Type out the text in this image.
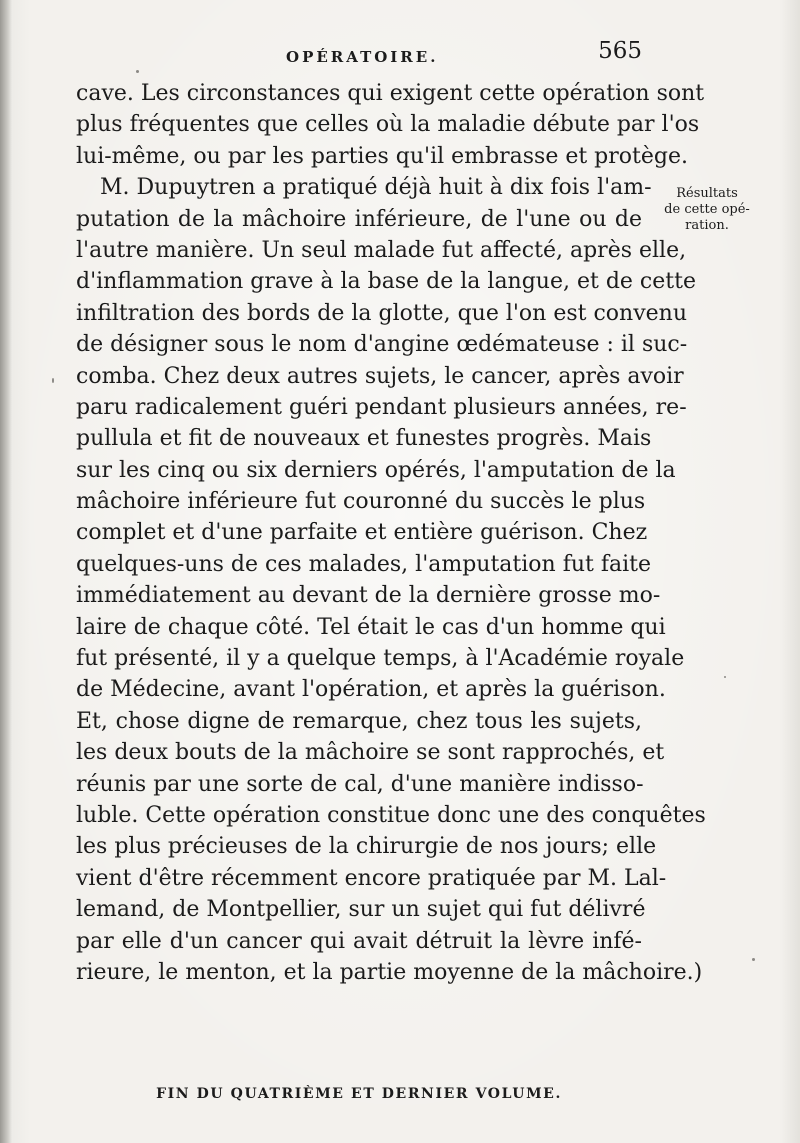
OPÉRATOIRE.	565
cave. Les circonstances qui exigent cette opération sont
plus fréquentes que celles où la maladie débute par l'os
lui-même, ou par les parties qu'il embrasse et protège.
M. Dupuytren a pratiqué déjà huit à dix fois l'am-
putation de la mâchoire inférieure, de l'une ou de
l'autre manière. Un seul malade fut affecté, après elle,
d'inflammation grave à la base de la langue, et de cette
infiltration des bords de la glotte, que l'on est convenu
de désigner sous le nom d'angine œdémateuse : il suc-
comba. Chez deux autres sujets, le cancer, après avoir
paru radicalement guéri pendant plusieurs années, re-
pullula et fit de nouveaux et funestes progrès. Mais
sur les cinq ou six derniers opérés, l'amputation de la
mâchoire inférieure fut couronné du succès le plus
complet et d'une parfaite et entière guérison. Chez
quelques-uns de ces malades, l'amputation fut faite
immédiatement au devant de la dernière grosse mo-
laire de chaque côté. Tel était le cas d'un homme qui
fut présenté, il y a quelque temps, à l'Académie royale
de Médecine, avant l'opération, et après la guérison.
Et, chose digne de remarque, chez tous les sujets,
les deux bouts de la mâchoire se sont rapprochés, et
réunis par une sorte de cal, d'une manière indisso-
luble. Cette opération constitue donc une des conquêtes
les plus précieuses de la chirurgie de nos jours; elle
vient d'être récemment encore pratiquée par M. Lal-
lemand, de Montpellier, sur un sujet qui fut délivré
par elle d'un cancer qui avait détruit la lèvre infé-
rieure, le menton, et la partie moyenne de la mâchoire.)
Résultats
de cette opé-
ration.
FIN DU QUATRIÈME ET DERNIER VOLUME.
